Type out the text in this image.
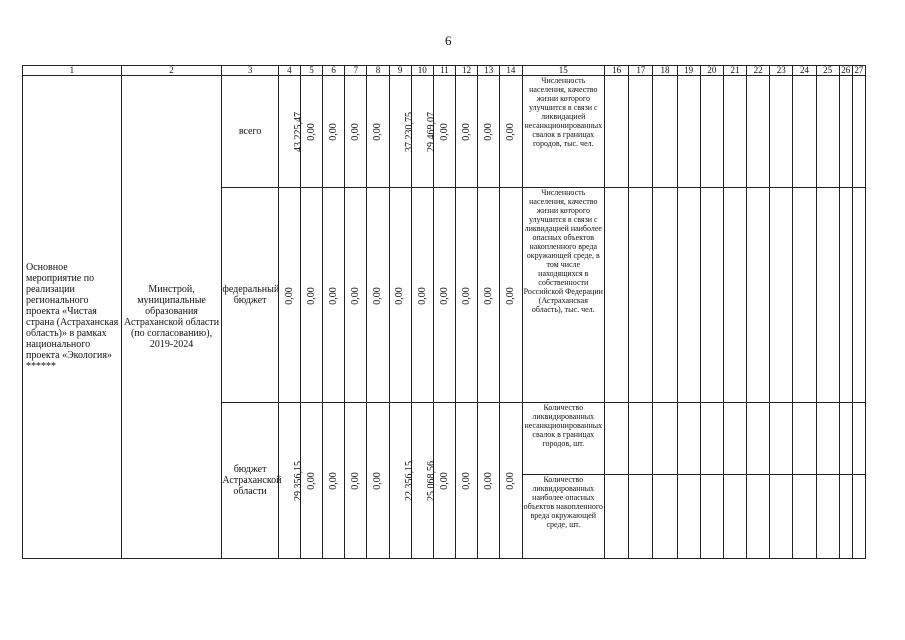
6
1	2	3	4	5	6	7	8	9	10	11	12	13	14	15	16	17	18	19	20	21	22	23	24	25	26	27
Основное мероприятие по реализации регионального проекта «Чистая страна (Астраханская область)» в рамках национального проекта «Экология» ******	Минстрой, муниципальные образования Астраханской области (по согласованию), 2019-2024	всего	43 225,47	0,00	0,00	0,00	0,00	37 230,75	29 469,07	0,00	0,00	0,00	0,00	Численность населения, качество жизни которого улучшится в связи с ликвидацией несанкционированных свалок в границах городов, тыс. чел.												
		федеральный бюджет	0,00	0,00	0,00	0,00	0,00	0,00	0,00	0,00	0,00	0,00	0,00	Численность населения, качество жизни которого улучшится в связи с ликвидацией наиболее опасных объектов накопленного вреда окружающей среде, в том числе находящихся в собственности Российской Федерации (Астраханская область), тыс. чел.												
		бюджет Астраханской области	29 356,15	0,00	0,00	0,00	0,00	22 356,15	25 068,56	0,00	0,00	0,00	0,00	Количество ликвидированных несанкционированных свалок в границах городов, шт.												
														Количество ликвидированных наиболее опасных объектов накопленного вреда окружающей среде, шт.												
